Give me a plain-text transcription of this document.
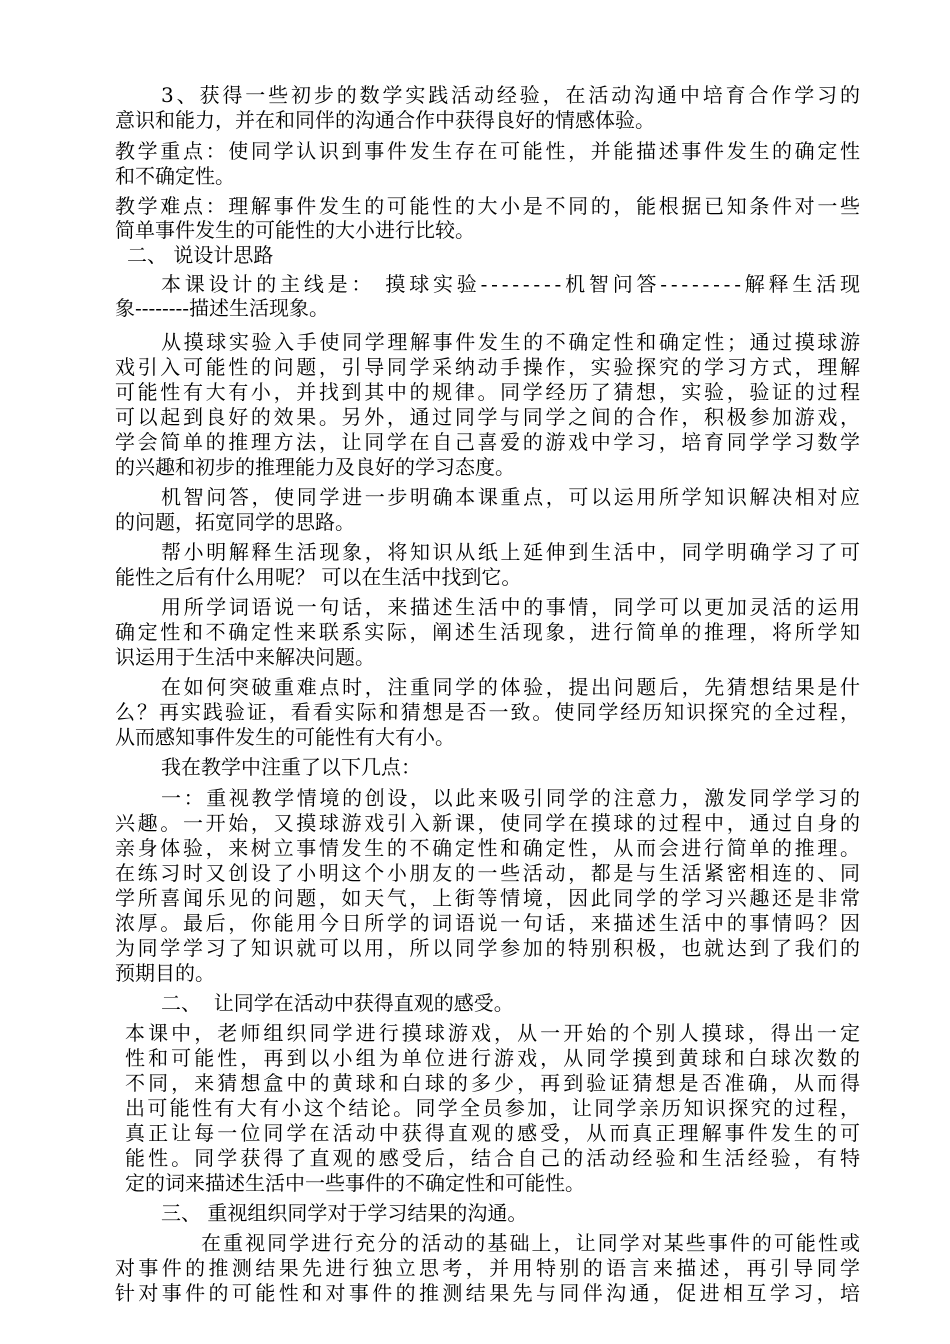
3、获得一些初步的数学实践活动经验，在活动沟通中培育合作学习的
意识和能力，并在和同伴的沟通合作中获得良好的情感体验。
教学重点：使同学认识到事件发生存在可能性，并能描述事件发生的确定性
和不确定性。
教学难点：理解事件发生的可能性的大小是不同的，能根据已知条件对一些
简单事件发生的可能性的大小进行比较。
二、 说设计思路
本课设计的主线是： 摸球实验--------机智问答--------解释生活现
象--------描述生活现象。
从摸球实验入手使同学理解事件发生的不确定性和确定性；通过摸球游
戏引入可能性的问题，引导同学采纳动手操作，实验探究的学习方式，理解
可能性有大有小，并找到其中的规律。同学经历了猜想，实验，验证的过程
可以起到良好的效果。另外，通过同学与同学之间的合作，积极参加游戏，
学会简单的推理方法，让同学在自己喜爱的游戏中学习，培育同学学习数学
的兴趣和初步的推理能力及良好的学习态度。
机智问答，使同学进一步明确本课重点，可以运用所学知识解决相对应
的问题，拓宽同学的思路。
帮小明解释生活现象，将知识从纸上延伸到生活中，同学明确学习了可
能性之后有什么用呢？ 可以在生活中找到它。
用所学词语说一句话，来描述生活中的事情，同学可以更加灵活的运用
确定性和不确定性来联系实际，阐述生活现象，进行简单的推理，将所学知
识运用于生活中来解决问题。
在如何突破重难点时，注重同学的体验，提出问题后，先猜想结果是什
么？再实践验证，看看实际和猜想是否一致。使同学经历知识探究的全过程，
从而感知事件发生的可能性有大有小。
我在教学中注重了以下几点：
一：重视教学情境的创设，以此来吸引同学的注意力，激发同学学习的
兴趣。一开始，又摸球游戏引入新课，使同学在摸球的过程中，通过自身的
亲身体验，来树立事情发生的不确定性和确定性，从而会进行简单的推理。
在练习时又创设了小明这个小朋友的一些活动，都是与生活紧密相连的、同
学所喜闻乐见的问题，如天气，上街等情境，因此同学的学习兴趣还是非常
浓厚。最后，你能用今日所学的词语说一句话，来描述生活中的事情吗？因
为同学学习了知识就可以用，所以同学参加的特别积极，也就达到了我们的
预期目的。
二、  让同学在活动中获得直观的感受。
本课中，老师组织同学进行摸球游戏，从一开始的个别人摸球，得出一定
性和可能性，再到以小组为单位进行游戏，从同学摸到黄球和白球次数的
不同，来猜想盒中的黄球和白球的多少，再到验证猜想是否准确，从而得
出可能性有大有小这个结论。同学全员参加，让同学亲历知识探究的过程，
真正让每一位同学在活动中获得直观的感受，从而真正理解事件发生的可
能性。同学获得了直观的感受后，结合自己的活动经验和生活经验，有特
定的词来描述生活中一些事件的不确定性和可能性。
三、 重视组织同学对于学习结果的沟通。
在重视同学进行充分的活动的基础上，让同学对某些事件的可能性或
对事件的推测结果先进行独立思考，并用特别的语言来描述，再引导同学
针对事件的可能性和对事件的推测结果先与同伴沟通，促进相互学习，培
